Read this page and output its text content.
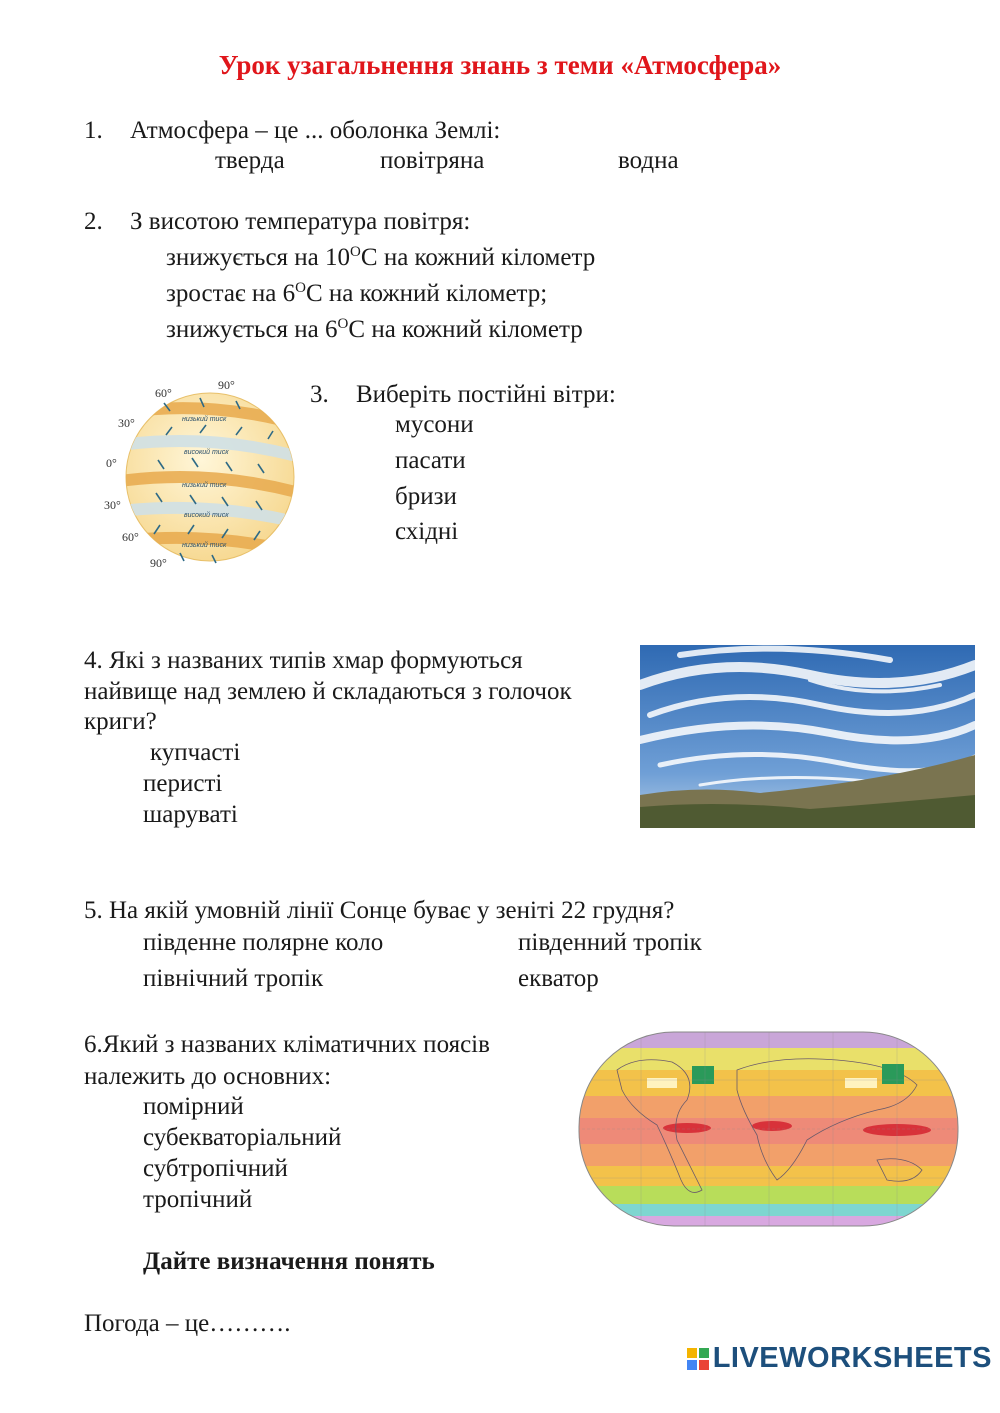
Урок узагальнення знань з теми «Атмосфера»
1. Атмосфера – це ... оболонка Землі:
тверда	повітряна	водна
2. З висотою температура повітря:
знижується на $10^OC$ на кожний кілометр
зростає на $6^OC$ на кожний кілометр;
знижується на $6^OC$ на кожний кілометр
низький тиск
високий тиск
низький тиск
високий тиск
низький тиск
60°
90°
30°
0°
30°
60°
90°
3. Виберіть постійні вітри:
мусони
пасати
бризи
східні
4. Які з названих типів хмар формуються
найвище над землею й складаються з голочок
криги?
купчасті
перисті
шаруваті
5. На якій умовній лінії Сонце буває у зеніті 22 грудня?
південне полярне коло	південний тропік
північний тропік	екватор
6.Який з названих кліматичних поясів
належить до основних:
помірний
субекваторіальний
субтропічний
тропічний
Дайте визначення понять
Погода – це……….
LIVEWORKSHEETS
